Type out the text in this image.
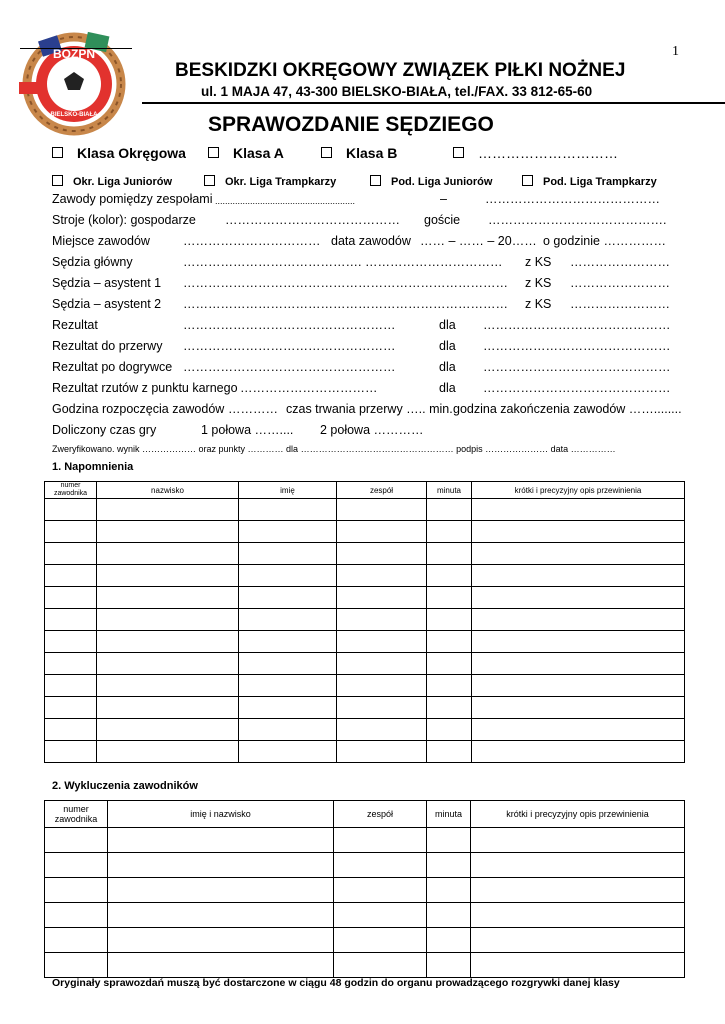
1
BOZPN
BIELSKO-BIAŁA
BESKIDZKI OKRĘGOWY ZWIĄZEK PIŁKI NOŻNEJ
ul. 1 MAJA 47, 43-300 BIELSKO-BIAŁA, tel./FAX. 33 812-65-60
SPRAWOZDANIE SĘDZIEGO
Klasa Okręgowa	Klasa A	Klasa B	…………………………
Okr. Liga Juniorów	Okr. Liga Trampkarzy	Pod. Liga Juniorów	Pod. Liga Trampkarzy
Zawody pomiędzy zespołami ........................................................	–	……………………………………
Stroje (kolor): gospodarze …………………………………… goście …………………………………….
Miejsce zawodów	…………………………… data zawodów …… – …… – 20…… o godzinie ……………
Sędzia główny	……………………………………. …………………………… z KS ……………………
Sędzia – asystent 1 …………………………………………………………………… z KS ……………………
Sędzia – asystent 2 …………………………………………………………………… z KS ……………………
Rezultat	……………………………………………	dla ………………………………………
Rezultat do przerwy ……………………………………………	dla ………………………………………
Rezultat po dogrywce ……………………………………………	dla ………………………………………
Rezultat rzutów z punktu karnego ……………………………	dla ………………………………………
Godzina rozpoczęcia zawodów ………… czas trwania przerwy ….. min. godzina zakończenia zawodów ……........
Doliczony czas gry	1 połowa …….... 2 połowa …………
Zweryfikowano. wynik ……………… oraz punkty ………… dla …………………………………………… podpis ………………… data ……………
1. Napomnienia
numer zawodnika	nazwisko	imię	zespół	minuta	krótki i precyzyjny opis przewinienia

2. Wykluczenia zawodników
numer zawodnika	imię i nazwisko	zespół	minuta	krótki i precyzyjny opis przewinienia

Oryginały sprawozdań muszą być dostarczone w ciągu 48 godzin do organu prowadzącego rozgrywki danej klasy
